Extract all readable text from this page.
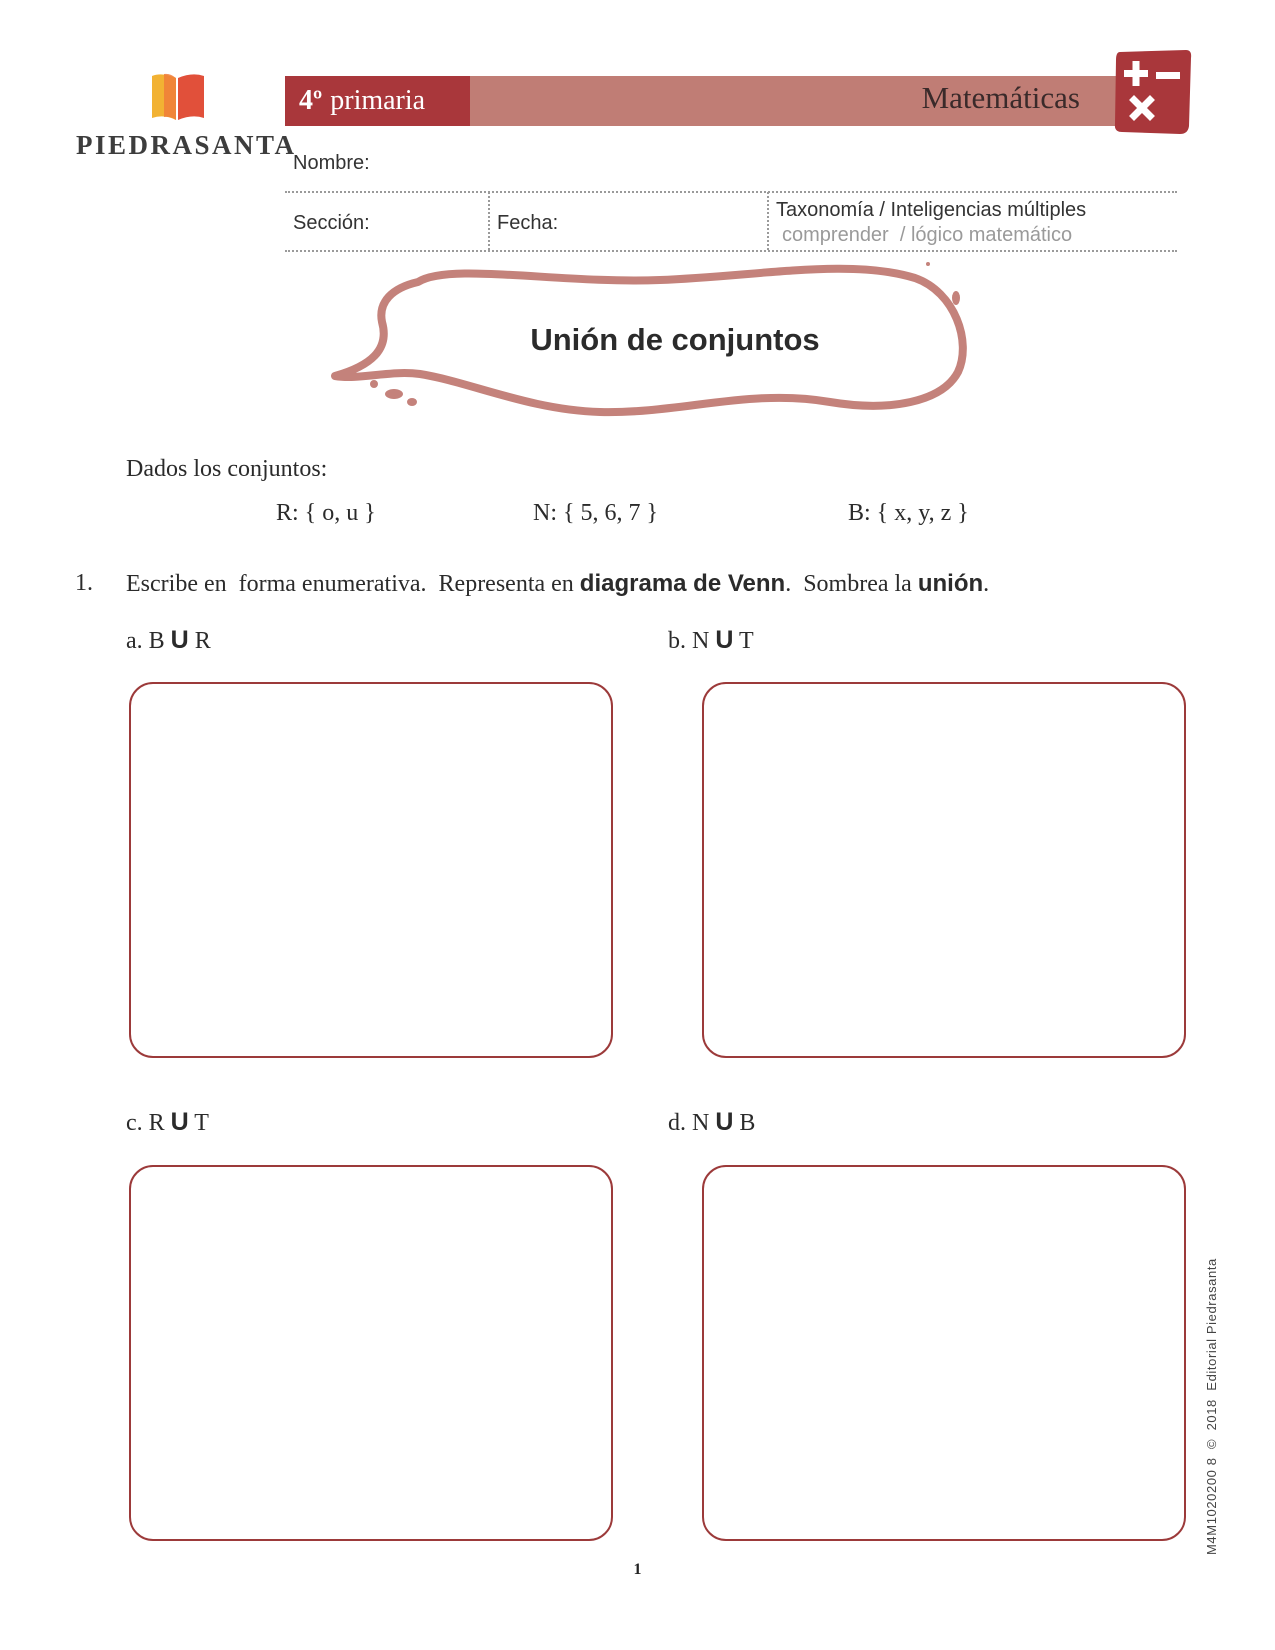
PIEDRASANTA
4º primaria	Matemáticas
Nombre:
Sección:	Fecha:
Taxonomía / Inteligencias múltiples
comprender  / lógico matemático
Unión de conjuntos
Dados los conjuntos:
R: { o, u }	N: { 5, 6, 7 }	B: { x, y, z }
1. Escribe en  forma enumerativa.  Representa en diagrama de Venn.  Sombrea la unión.
a. B U R	b. N U T
c. R U T	d. N U B
1
M4M1020200 8  ©  2018  Editorial Piedrasanta
